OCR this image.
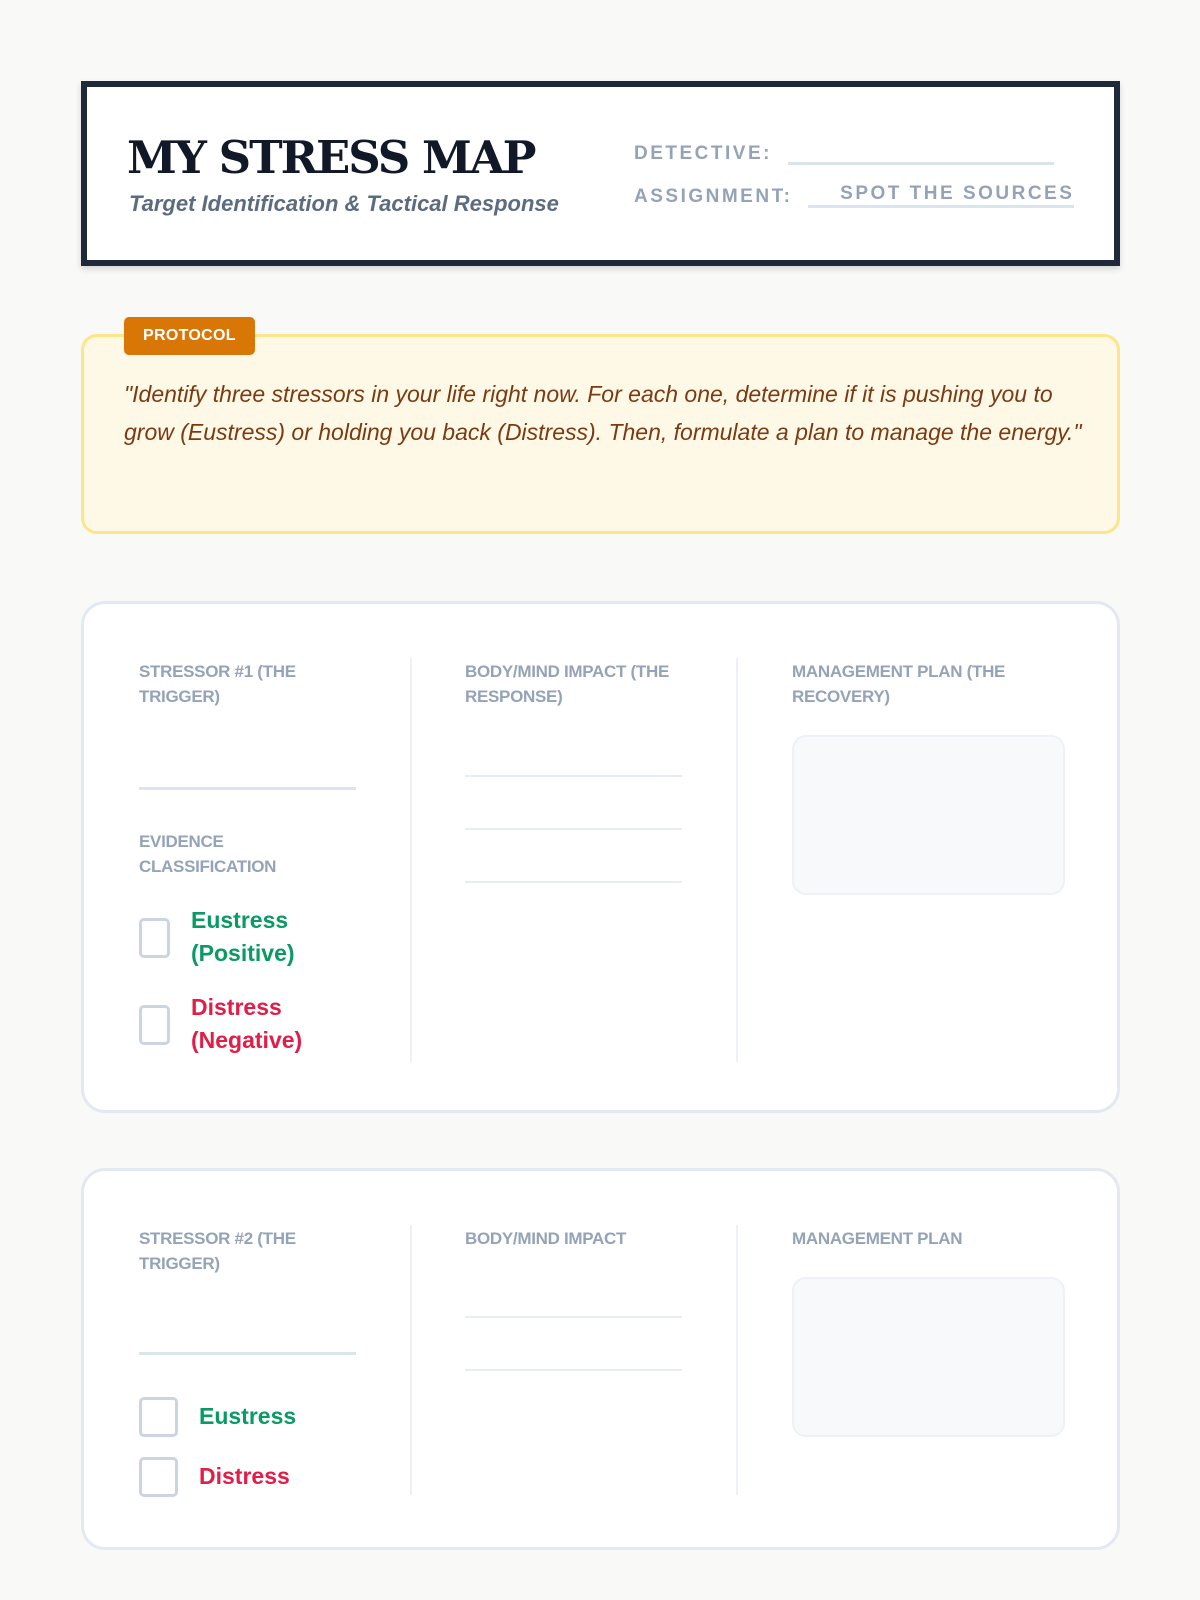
MY STRESS MAP
Target Identification & Tactical Response
DETECTIVE:
ASSIGNMENT:	SPOT THE SOURCES
"Identify three stressors in your life right now. For each one, determine if it is pushing you to grow (Eustress) or holding you back (Distress). Then, formulate a plan to manage the energy."
PROTOCOL
STRESSOR #1 (THE TRIGGER)
EVIDENCE CLASSIFICATION
Eustress (Positive)
Distress (Negative)
BODY/MIND IMPACT (THE RESPONSE)
MANAGEMENT PLAN (THE RECOVERY)
STRESSOR #2 (THE TRIGGER)
Eustress
Distress
BODY/MIND IMPACT	MANAGEMENT PLAN
